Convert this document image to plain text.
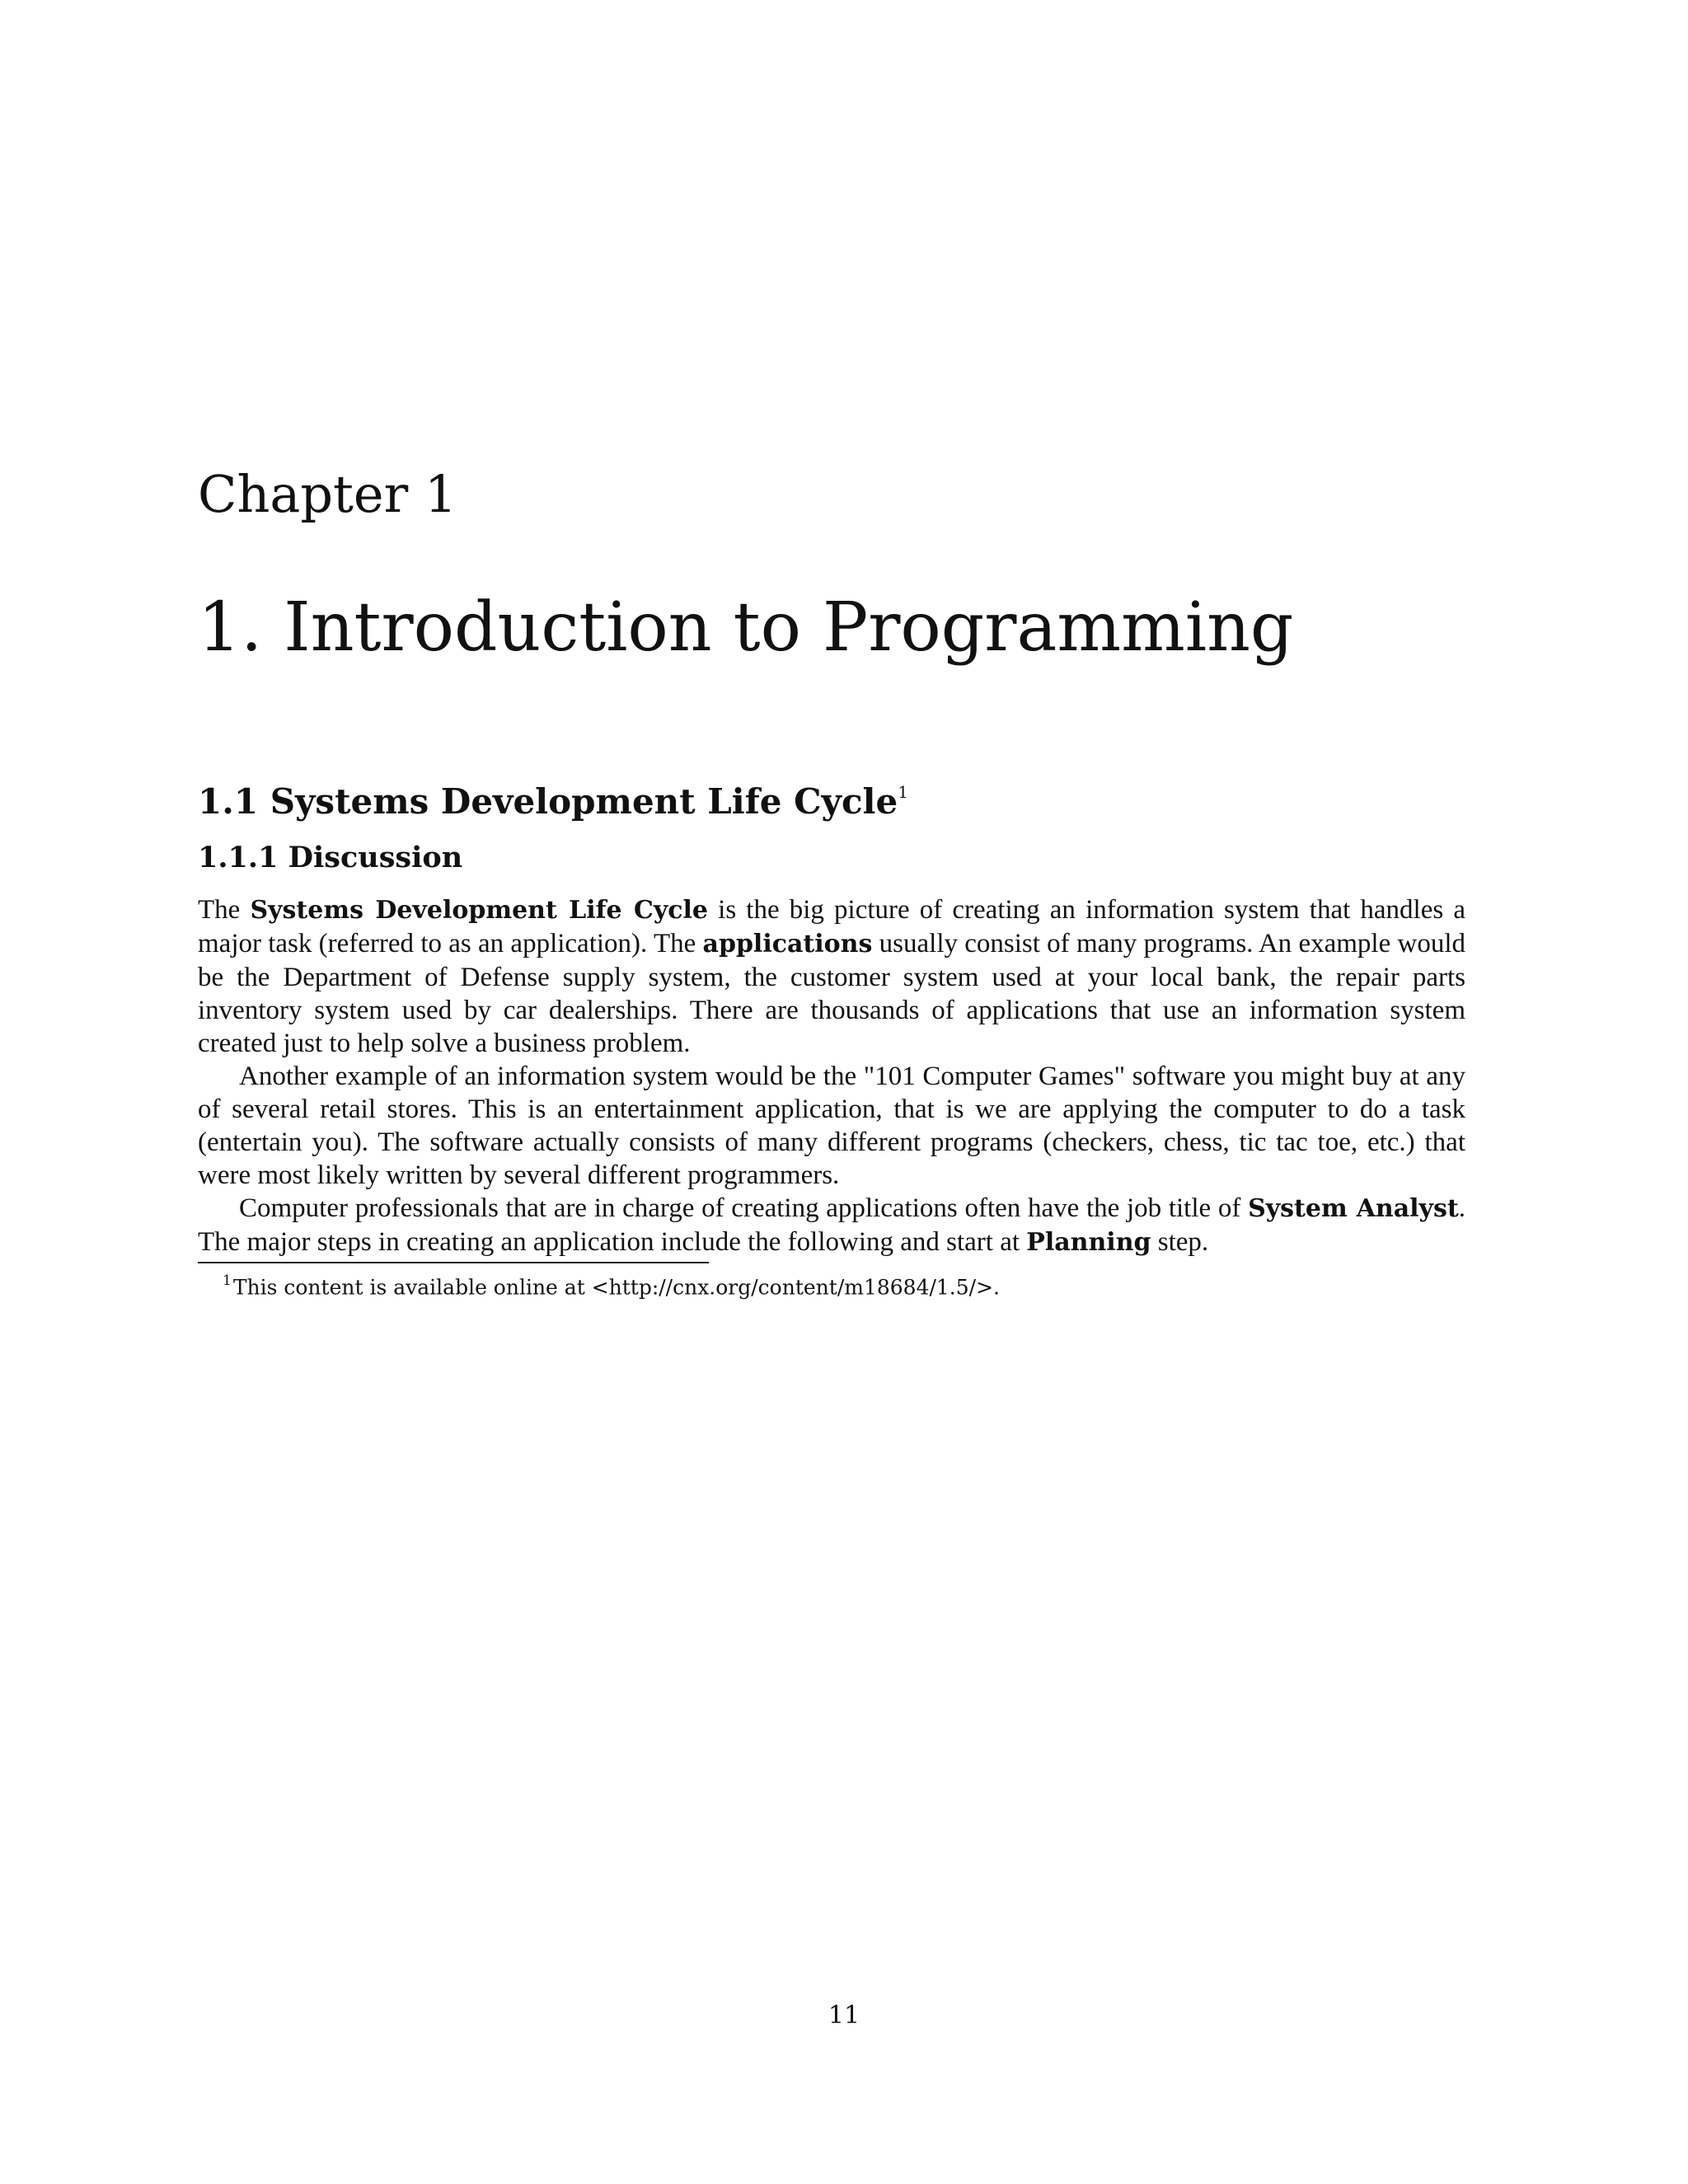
Chapter 1
1. Introduction to Programming
1.1 Systems Development Life Cycle$^1$
1.1.1 Discussion

The Systems Development Life Cycle is the big picture of creating an information system that handles a major task (referred to as an application). The applications usually consist of many programs. An example would be the Department of Defense supply system, the customer system used at your local bank, the repair parts inventory system used by car dealerships. There are thousands of applications that use an information system created just to help solve a business problem.

Another example of an information system would be the "101 Computer Games" software you might buy at any of several retail stores. This is an entertainment application, that is we are applying the computer to do a task (entertain you). The software actually consists of many different programs (checkers, chess, tic tac toe, etc.) that were most likely written by several different programmers.

Computer professionals that are in charge of creating applications often have the job title of System Analyst. The major steps in creating an application include the following and start at Planning step.

$^1$This content is available online at <http://cnx.org/content/m18684/1.5/>.
11
